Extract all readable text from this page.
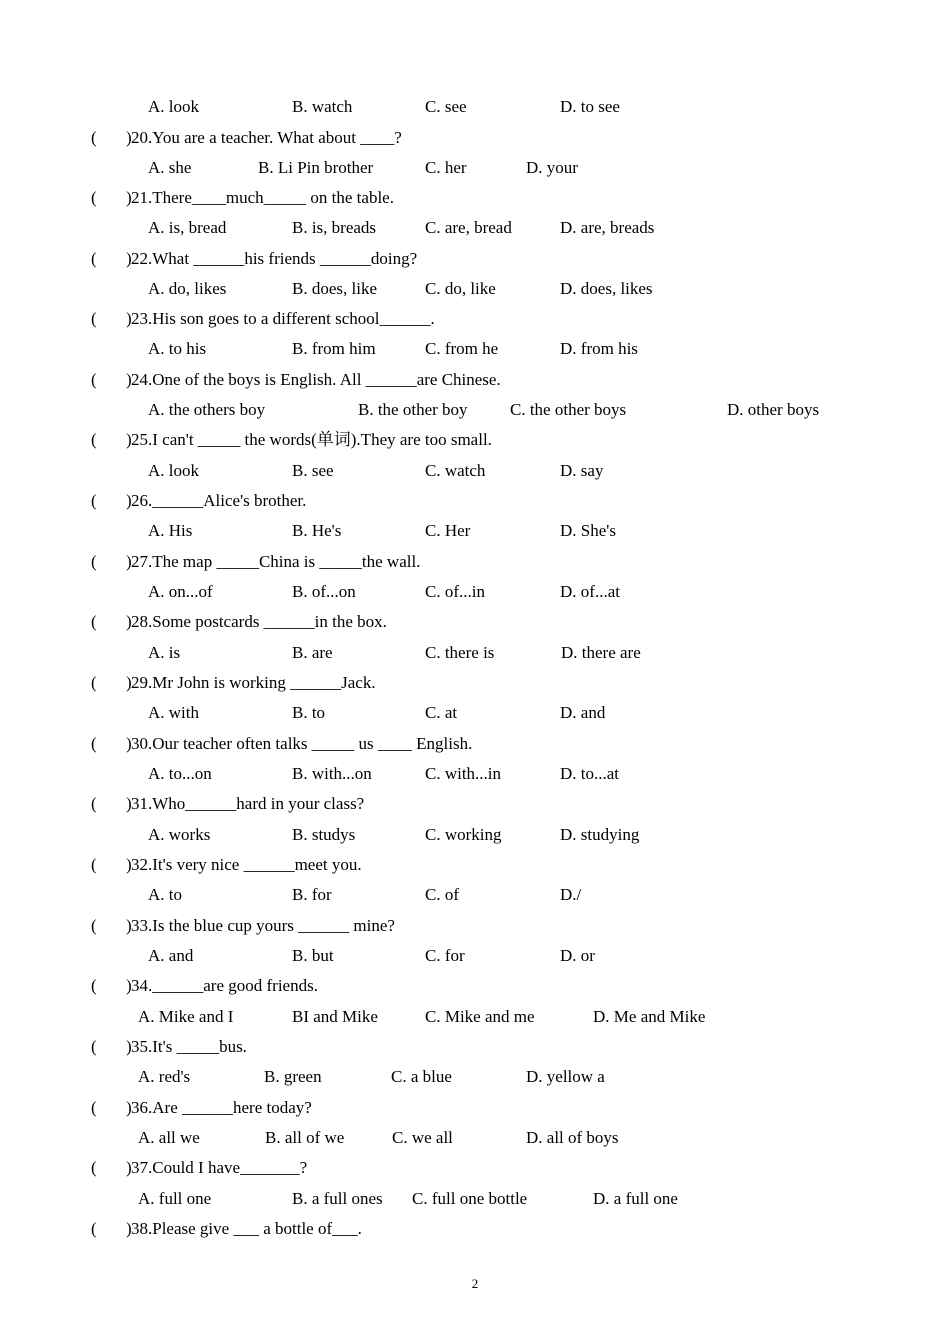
A. look	B. watch	C. see	D. to see
( ) 20.You are a teacher. What about ____?
A. she	B. Li Pin brother	C. her	D. your
( ) 21.There____much_____ on the table.
A. is, bread	B. is, breads	C. are, bread	D. are, breads
( ) 22.What ______his friends ______doing?
A. do, likes	B. does, like	C. do, like	D. does, likes
( ) 23.His son goes to a different school______.
A. to his	B. from him	C. from he	D. from his
( ) 24.One of the boys is English. All ______are Chinese.
A. the others boy	B. the other boy C. the other boys	D. other boys
( ) 25.I can't _____ the words(单词).They are too small.
A. look	B. see	C. watch	D. say
( ) 26.______Alice's brother.
A. His	B. He's	C. Her	D. She's
( ) 27.The map _____China is _____the wall.
A. on...of	B. of...on	C. of...in	D. of...at
( ) 28.Some postcards ______in the box.
A. is	B. are	C. there is	D. there are
( ) 29.Mr John is working ______Jack.
A. with	B. to	C. at	D. and
( ) 30.Our teacher often talks _____ us ____ English.
A. to...on	B. with...on	C. with...in	D. to...at
( ) 31.Who______hard in your class?
A. works	B. studys	C. working	D. studying
( ) 32.It's very nice ______meet you.
A. to	B. for	C. of	D./
( ) 33.Is the blue cup yours ______ mine?
A. and	B. but	C. for	D. or
( ) 34.______are good friends.
A. Mike and I	BI and Mike	C. Mike and me	D. Me and Mike
( ) 35.It's _____bus.
A. red's	B. green	C. a blue	D. yellow a
( ) 36.Are ______here today?
A. all we	B. all of we	C. we all	D. all of boys
( ) 37.Could I have_______?
A. full one	B. a full ones C. full one bottle	D. a full one
( ) 38.Please give ___ a bottle of___.
2
